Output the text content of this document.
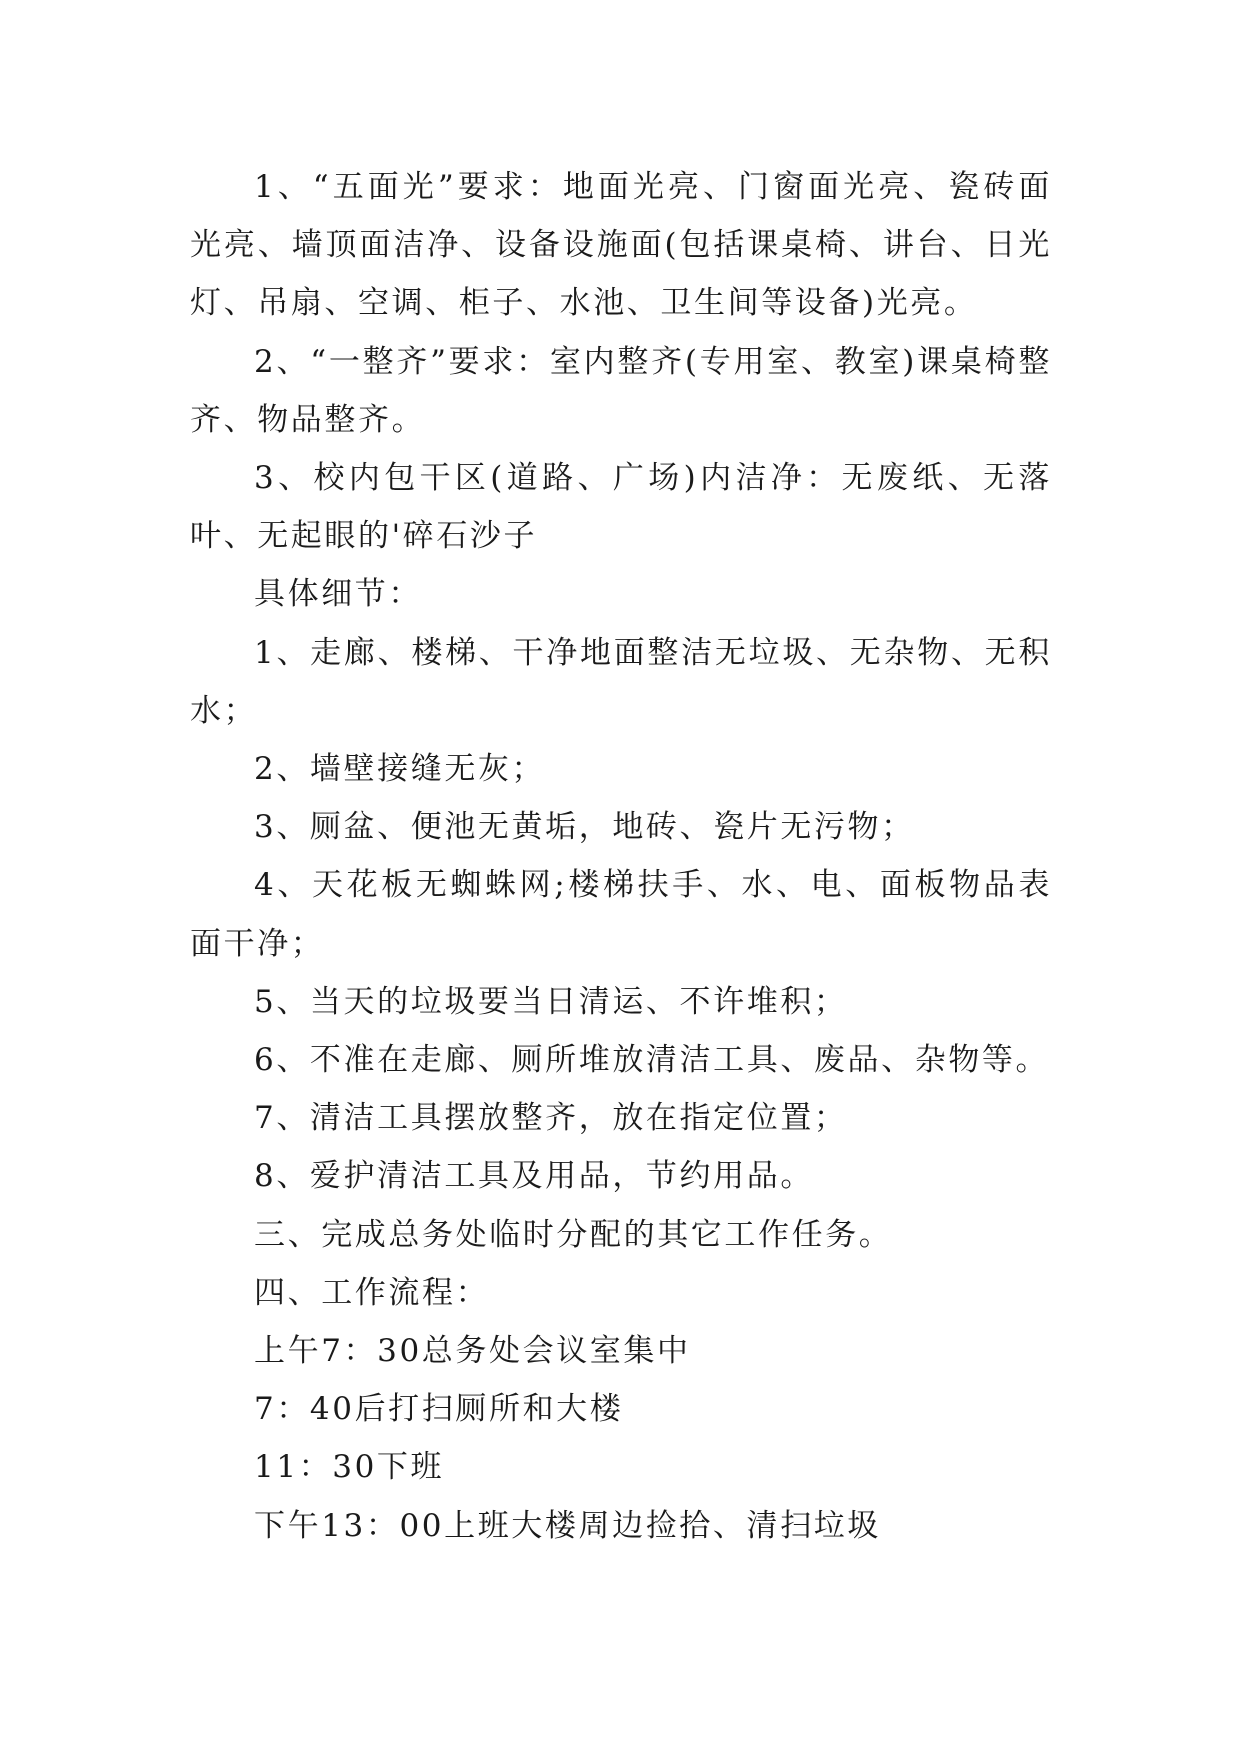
1、“五面光”要求：地面光亮、门窗面光亮、瓷砖面光亮、墙顶面洁净、设备设施面(包括课桌椅、讲台、日光灯、吊扇、空调、柜子、水池、卫生间等设备)光亮。

2、“一整齐”要求：室内整齐(专用室、教室)课桌椅整齐、物品整齐。

3、校内包干区(道路、广场)内洁净：无废纸、无落叶、无起眼的'碎石沙子

具体细节：

1、走廊、楼梯、干净地面整洁无垃圾、无杂物、无积水；

2、墙壁接缝无灰；

3、厕盆、便池无黄垢，地砖、瓷片无污物；

4、天花板无蜘蛛网;楼梯扶手、水、电、面板物品表面干净；

5、当天的垃圾要当日清运、不许堆积；

6、不准在走廊、厕所堆放清洁工具、废品、杂物等。

7、清洁工具摆放整齐，放在指定位置；

8、爱护清洁工具及用品，节约用品。

三、完成总务处临时分配的其它工作任务。

四、工作流程：

上午7：30总务处会议室集中

7：40后打扫厕所和大楼

11：30下班

下午13：00上班大楼周边捡拾、清扫垃圾
